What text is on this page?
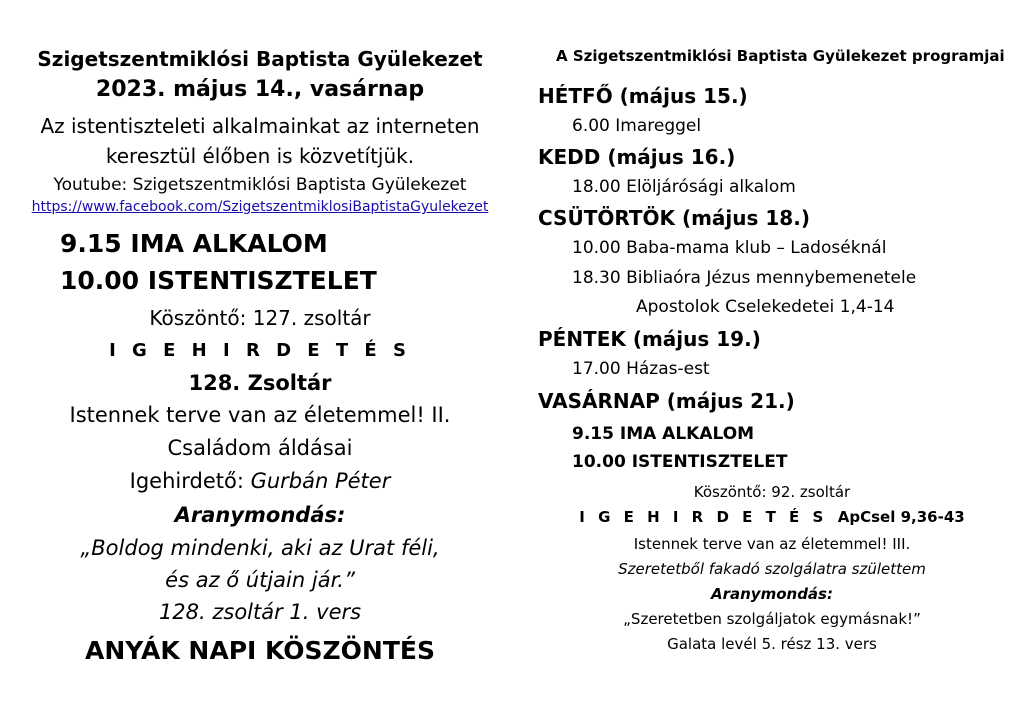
Szigetszentmiklósi Baptista Gyülekezet
2023. május 14., vasárnap
Az istentiszteleti alkalmainkat az interneten
keresztül élőben is közvetítjük.
Youtube: Szigetszentmiklósi Baptista Gyülekezet
https://www.facebook.com/SzigetszentmiklosiBaptistaGyulekezet
9.15 IMA ALKALOM
10.00 ISTENTISZTELET
Köszöntő: 127. zsoltár
I G E H I R D E T É S
128. Zsoltár
Istennek terve van az életemmel! II.
Családom áldásai
Igehirdető: Gurbán Péter
Aranymondás:
„Boldog mindenki, aki az Urat féli,
és az ő útjain jár.”
128. zsoltár 1. vers
ANYÁK NAPI KÖSZÖNTÉS
A Szigetszentmiklósi Baptista Gyülekezet programjai
HÉTFŐ (május 15.)
6.00 Imareggel
KEDD (május 16.)
18.00 Elöljárósági alkalom
CSÜTÖRTÖK (május 18.)
10.00 Baba-mama klub – Ladoséknál
18.30 Bibliaóra Jézus mennybemenetele
Apostolok Cselekedetei 1,4-14
PÉNTEK (május 19.)
17.00 Házas-est
VASÁRNAP (május 21.)
9.15 IMA ALKALOM
10.00 ISTENTISZTELET
Köszöntő: 92. zsoltár
I G E H I R D E T É S ApCsel 9,36-43
Istennek terve van az életemmel! III.
Szeretetből fakadó szolgálatra születtem
Aranymondás:
„Szeretetben szolgáljatok egymásnak!”
Galata levél 5. rész 13. vers
